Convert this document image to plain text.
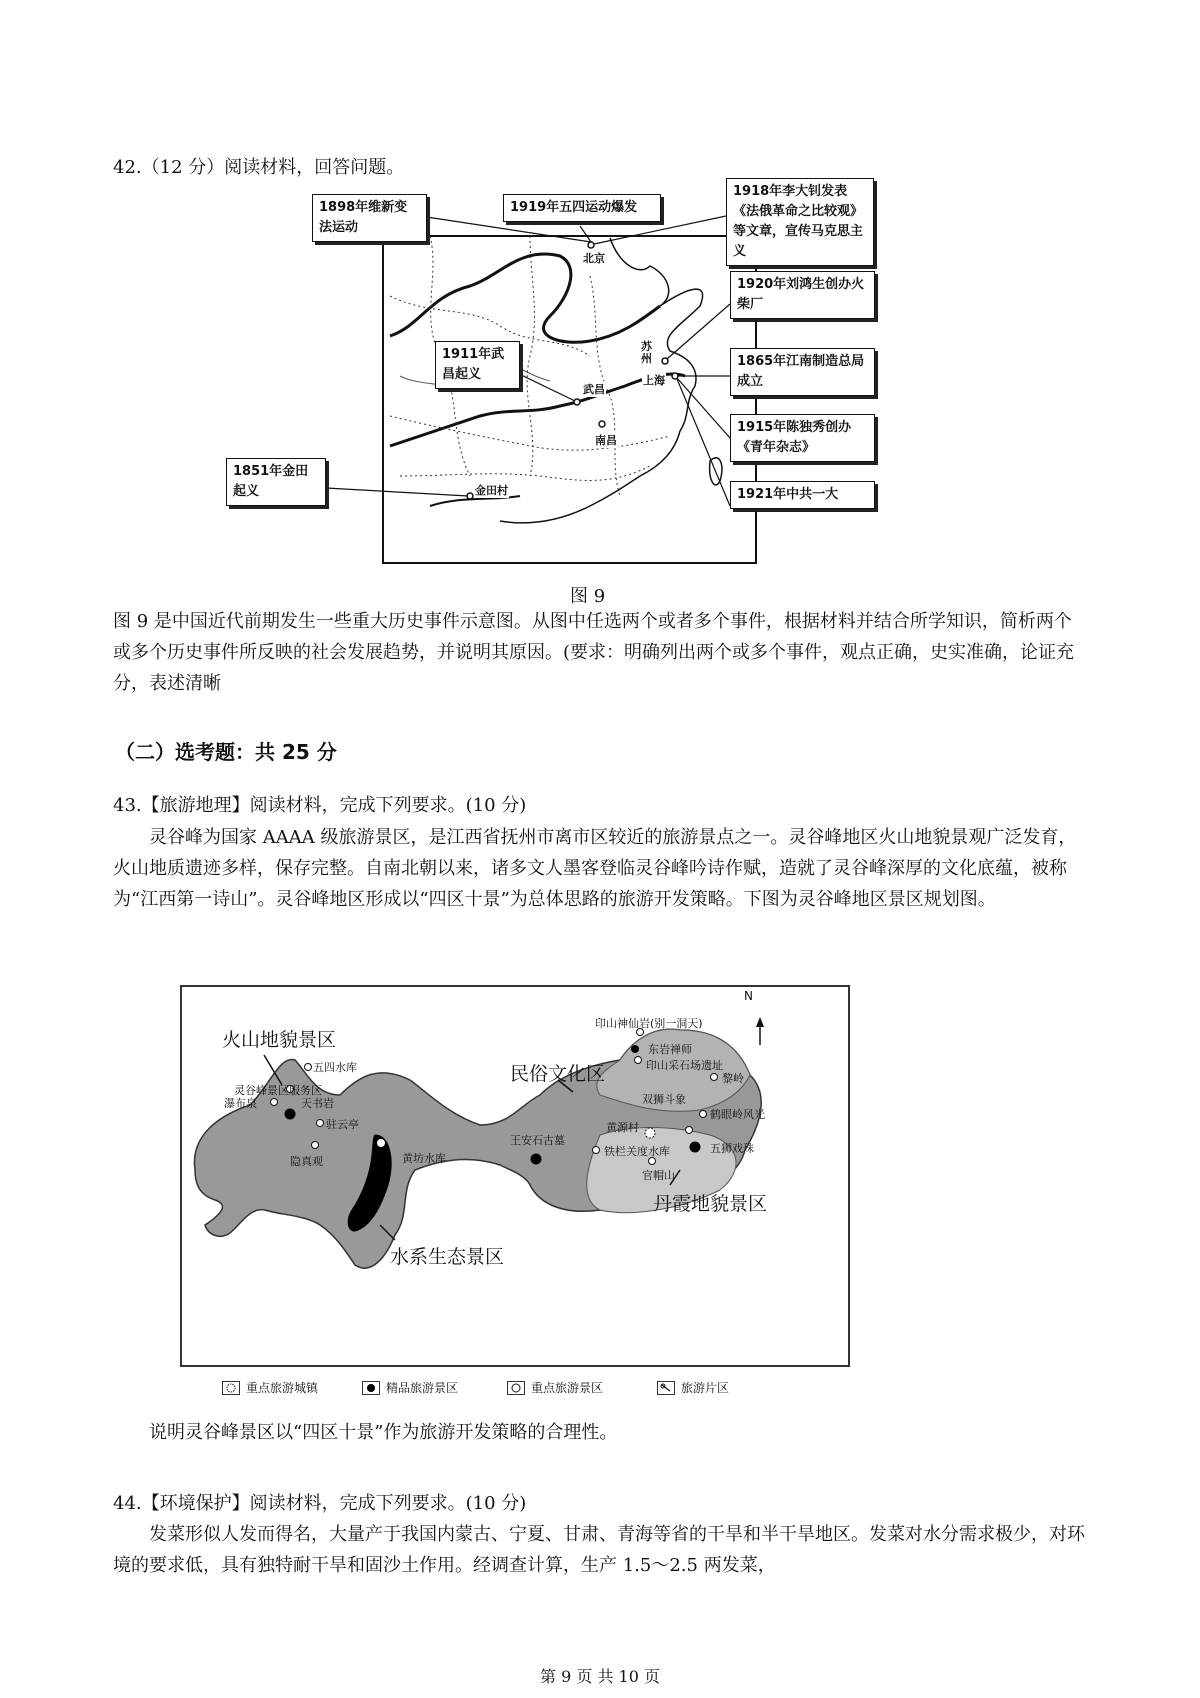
42.（12 分）阅读材料，回答问题。

1898年维新变法运动
1919年五四运动爆发
1918年李大钊发表《法俄革命之比较观》等文章，宣传马克思主义
1920年刘鸿生创办火柴厂
1911年武昌起义
1865年江南制造总局成立
1915年陈独秀创办《青年杂志》
1851年金田起义	1921年中共一大
北京
苏州
上海
武昌
南昌
金田村
图 9

图 9 是中国近代前期发生一些重大历史事件示意图。从图中任选两个或者多个事件，根据材料并结合所学知识，简析两个或多个历史事件所反映的社会发展趋势，并说明其原因。(要求：明确列出两个或多个事件，观点正确，史实准确，论证充分，表述清晰

（二）选考题：共 25 分

43.【旅游地理】阅读材料，完成下列要求。(10 分)

灵谷峰为国家 AAAA 级旅游景区，是江西省抚州市离市区较近的旅游景点之一。灵谷峰地区火山地貌景观广泛发育，火山地质遗迹多样，保存完整。自南北朝以来，诸多文人墨客登临灵谷峰吟诗作赋，造就了灵谷峰深厚的文化底蕴，被称为“江西第一诗山”。灵谷峰地区形成以“四区十景”为总体思路的旅游开发策略。下图为灵谷峰地区景区规划图。

N
火山地貌景区
民俗文化区
丹霞地貌景区
水系生态景区
五四水库
灵谷峰景区服务区
瀑布泉	天书岩
驻云亭
隐真观	黄坊水库
印山神仙岩(别一洞天)
东岩禅师
印山采石场遗址
黎岭
双狮斗象
黄源村
鹤眼岭风光
五狮戏珠
王安石古墓
铁栏关度水库
官帽山
重点旅游城镇	精品旅游景区	重点旅游景区	旅游片区

说明灵谷峰景区以“四区十景”作为旅游开发策略的合理性。

44.【环境保护】阅读材料，完成下列要求。(10 分)

发菜形似人发而得名，大量产于我国内蒙古、宁夏、甘肃、青海等省的干旱和半干旱地区。发菜对水分需求极少，对环境的要求低，具有独特耐干旱和固沙土作用。经调查计算，生产 1.5～2.5 两发菜，

第 9 页 共 10 页
